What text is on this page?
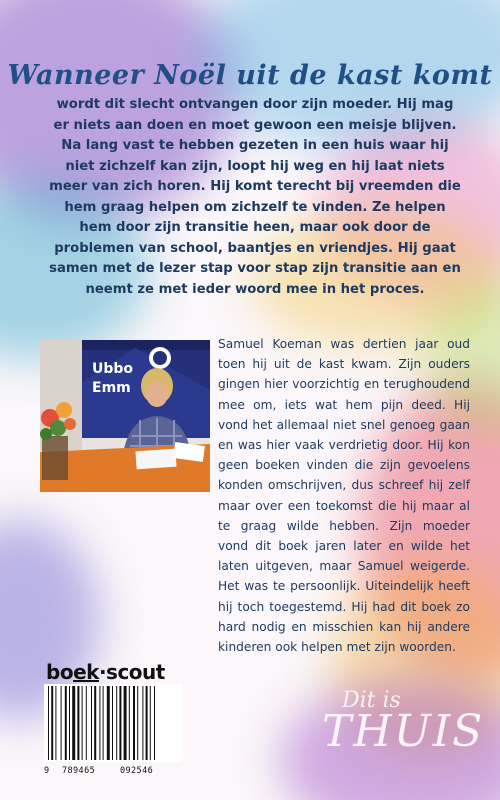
Wanneer Noël uit de kast komt

wordt dit slecht ontvangen door zijn moeder. Hij mag er niets aan doen en moet gewoon een meisje blijven. Na lang vast te hebben gezeten in een huis waar hij niet zichzelf kan zijn, loopt hij weg en hij laat niets meer van zich horen. Hij komt terecht bij vreemden die hem graag helpen om zichzelf te vinden. Ze helpen hem door zijn transitie heen, maar ook door de problemen van school, baantjes en vriendjes. Hij gaat samen met de lezer stap voor stap zijn transitie aan en neemt ze met ieder woord mee in het proces.

Ubbo
Emm

Samuel Koeman was dertien jaar oud toen hij uit de kast kwam. Zijn ouders gingen hier voorzichtig en terughoudend mee om, iets wat hem pijn deed. Hij vond het allemaal niet snel genoeg gaan en was hier vaak verdrietig door. Hij kon geen boeken vinden die zijn gevoelens konden omschrijven, dus schreef hij zelf maar over een toekomst die hij maar al te graag wilde hebben. Zijn moeder vond dit boek jaren later en wilde het laten uitgeven, maar Samuel weigerde. Het was te persoonlijk. Uiteindelijk heeft hij toch toegestemd. Hij had dit boek zo hard nodig en misschien kan hij andere kinderen ook helpen met zijn woorden.

boek·scout
9 789465	092546
Dit is
THUIS
